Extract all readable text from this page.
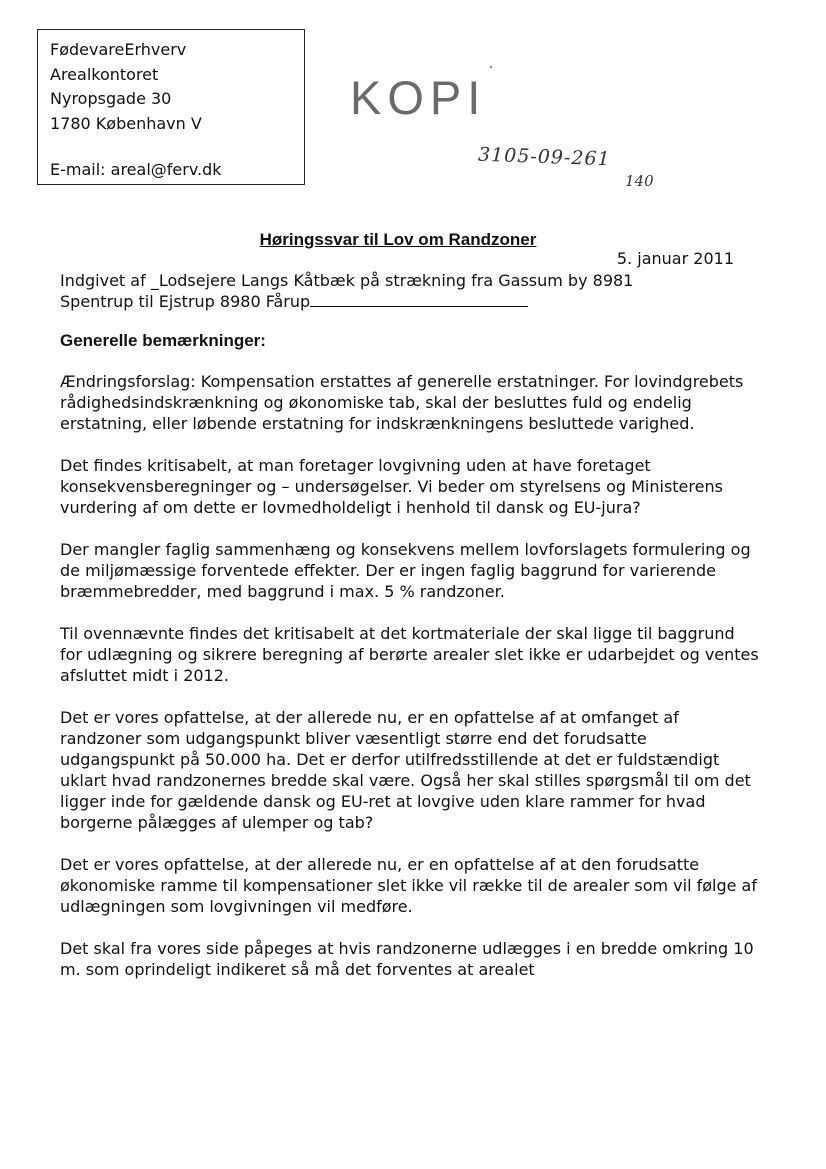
FødevareErhverv
Arealkontoret
Nyropsgade 30
1780 København V
E-mail: areal@ferv.dk
KOPI
3105-09-261
140
Høringssvar til Lov om Randzoner
5. januar 2011
Indgivet af _Lodsejere Langs Kåtbæk på strækning fra Gassum by 8981
Spentrup til Ejstrup 8980 Fårup
Generelle bemærkninger:

Ændringsforslag: Kompensation erstattes af generelle erstatninger. For lovindgrebets rådighedsindskrænkning og økonomiske tab, skal der besluttes fuld og endelig erstatning, eller løbende erstatning for indskrænkningens besluttede varighed.

Det findes kritisabelt, at man foretager lovgivning uden at have foretaget konsekvensberegninger og – undersøgelser. Vi beder om styrelsens og Ministerens vurdering af om dette er lovmedholdeligt i henhold til dansk og EU-jura?

Der mangler faglig sammenhæng og konsekvens mellem lovforslagets formulering og de miljømæssige forventede effekter. Der er ingen faglig baggrund for varierende bræmmebredder, med baggrund i max. 5 % randzoner.

Til ovennævnte findes det kritisabelt at det kortmateriale der skal ligge til baggrund for udlægning og sikrere beregning af berørte arealer slet ikke er udarbejdet og ventes afsluttet midt i 2012.

Det er vores opfattelse, at der allerede nu, er en opfattelse af at omfanget af randzoner som udgangspunkt bliver væsentligt større end det forudsatte udgangspunkt på 50.000 ha. Det er derfor utilfredsstillende at det er fuldstændigt uklart hvad randzonernes bredde skal være. Også her skal stilles spørgsmål til om det ligger inde for gældende dansk og EU-ret at lovgive uden klare rammer for hvad borgerne pålægges af ulemper og tab?

Det er vores opfattelse, at der allerede nu, er en opfattelse af at den forudsatte økonomiske ramme til kompensationer slet ikke vil række til de arealer som vil følge af udlægningen som lovgivningen vil medføre.

Det skal fra vores side påpeges at hvis randzonerne udlægges i en bredde omkring 10 m. som oprindeligt indikeret så må det forventes at arealet
